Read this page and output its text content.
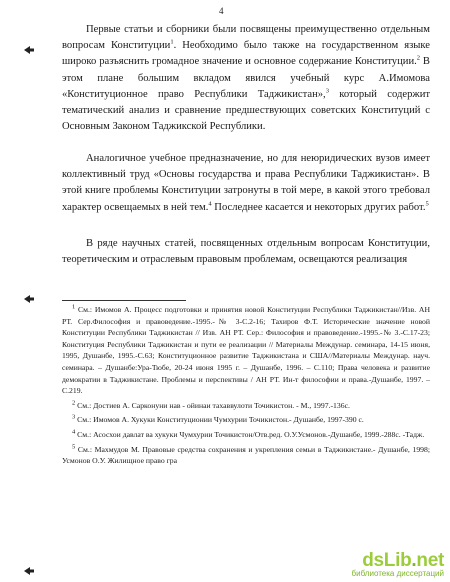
4

Первые статьи и сборники были посвящены преимущественно отдельным вопросам Конституции$^1$. Необходимо было также на государственном языке широко разъяснить громадное значение и основное содержание Конституции.$^2$ В этом плане большим вкладом явился учебный курс А.Имомова «Конституционное право Республики Таджикистан»,$^3$ который содержит тематический анализ и сравнение предшествующих советских Конституций с Основным Законом Таджикской Республики.

Аналогичное учебное предназначение, но для неюридических вузов имеет коллективный труд «Основы государства и права Республики Таджикистан». В этой книге проблемы Конституции затронуты в той мере, в какой этого требовал характер освещаемых в ней тем.$^4$ Последнее касается и некоторых других работ.$^5$

В ряде научных статей, посвященных отдельным вопросам Конституции, теоретическим и отраслевым правовым проблемам, освещаются реализация

$^1$ См.: Имомов А. Процесс подготовки и принятия новой Конституции Республики Таджикистан//Изв. АН РТ. Сер.Философия и правоведение.-1995.-№ 3-С.2-16; Тахиров Ф.Т. Исторические значение новой Конституции Республики Таджикистан // Изв. АН РТ. Сер.: Философия и правоведение.-1995.-№ 3.-С.17-23; Конституция Республики Таджикистан и пути ее реализации // Материалы Междунар. семинара, 14-15 июня, 1995, Душанбе, 1995.-С.63; Конституционное развитие Таджикистана и США//Материалы Междунар. науч. семинара. – Душанбе:Ура-Тюбе, 20-24 июня 1995 г. – Душанбе, 1996. – С.110; Права человека и развитие демократии в Таджикистане. Проблемы и перспективы / АН РТ. Ин-т философии и права.-Душанбе, 1997. –С.219.

$^2$ См.: Достиев А. Сарконуни нав - ойинаи тахаввулоти Точикистон. - М., 1997.-136с.

$^3$ См.: Имомов А. Хукуки Конституционии Чумхурии Точикистон.- Душанбе, 1997-390 с.

$^4$ См.: Асосхои давлат ва хукуки Чумхурии Точикистон/Отв.ред. О.У.Усмонов.-Душанбе, 1999.-288с. -Тадж.

$^5$ См.: Махмудов М. Правовые средства сохранения и укрепления семьи в Таджикистане.- Душанбе, 1998; Усмонов О.У. Жилищное право гра

dsLib.net
библиотека диссертаций
